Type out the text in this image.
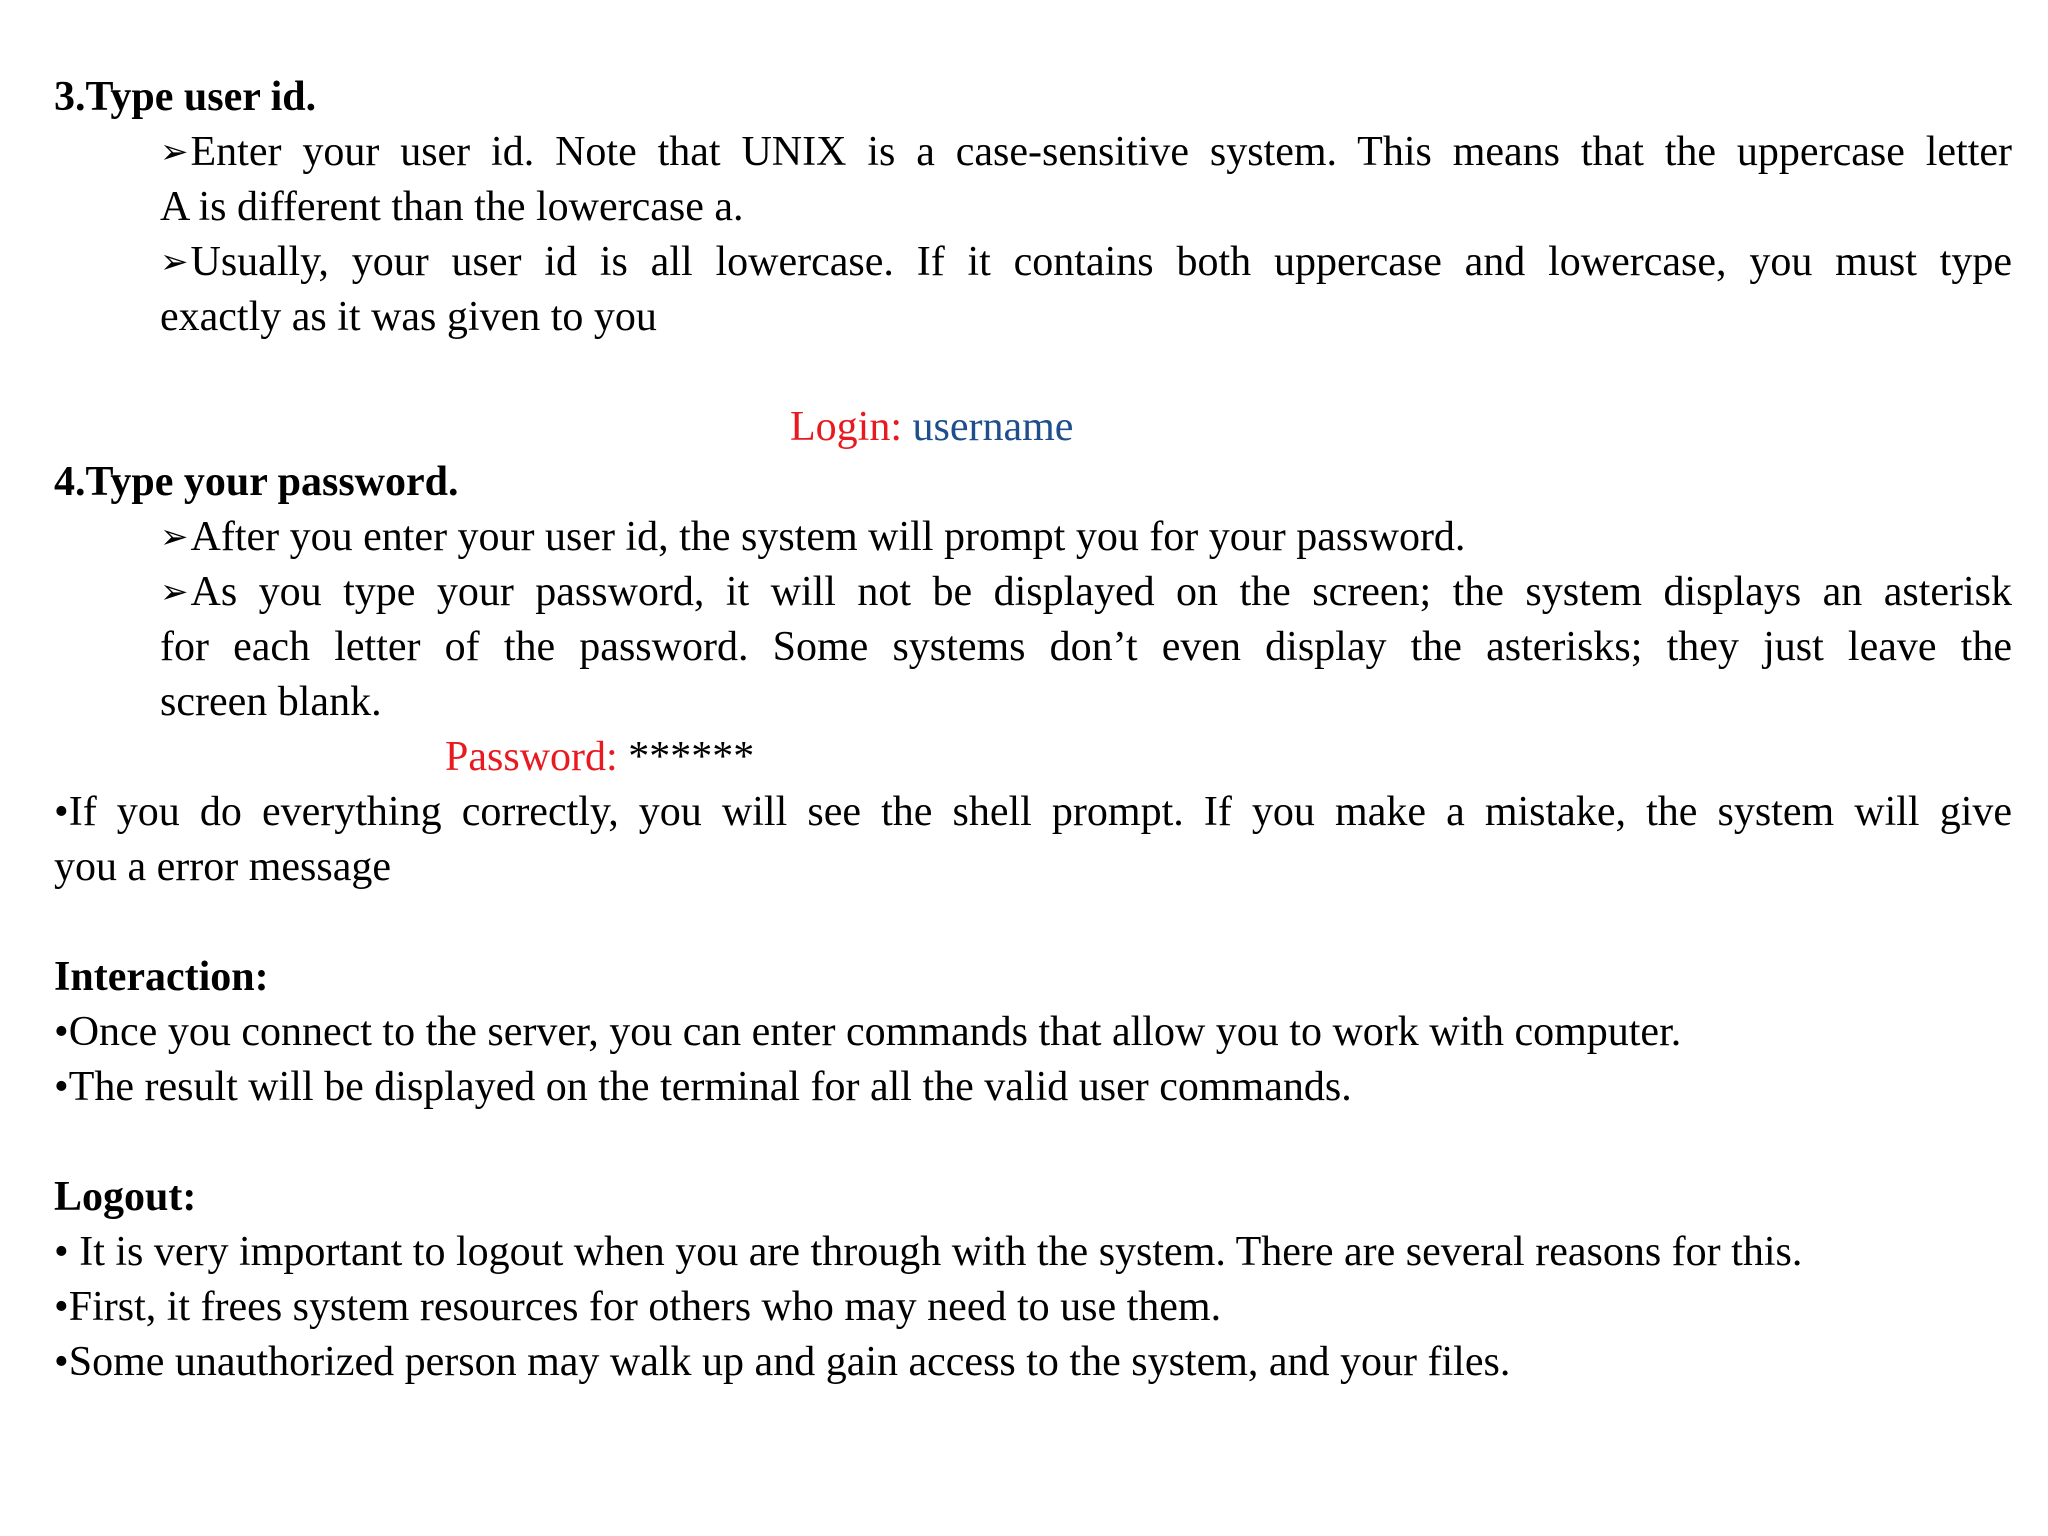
3.Type user id.
➢Enter your user id. Note that UNIX is a case-sensitive system. This means that the uppercase letter
A is different than the lowercase a.
➢Usually, your user id is all lowercase. If it contains both uppercase and lowercase, you must type
exactly as it was given to you
Login: username
4.Type your password.
➢After you enter your user id, the system will prompt you for your password.
➢As you type your password, it will not be displayed on the screen; the system displays an asterisk
for each letter of the password. Some systems don’t even display the asterisks; they just leave the
screen blank.
Password: ******
•If you do everything correctly, you will see the shell prompt. If you make a mistake, the system will give
you a error message
Interaction:
•Once you connect to the server, you can enter commands that allow you to work with computer.
•The result will be displayed on the terminal for all the valid user commands.
Logout:
• It is very important to logout when you are through with the system. There are several reasons for this.
•First, it frees system resources for others who may need to use them.
•Some unauthorized person may walk up and gain access to the system, and your files.
